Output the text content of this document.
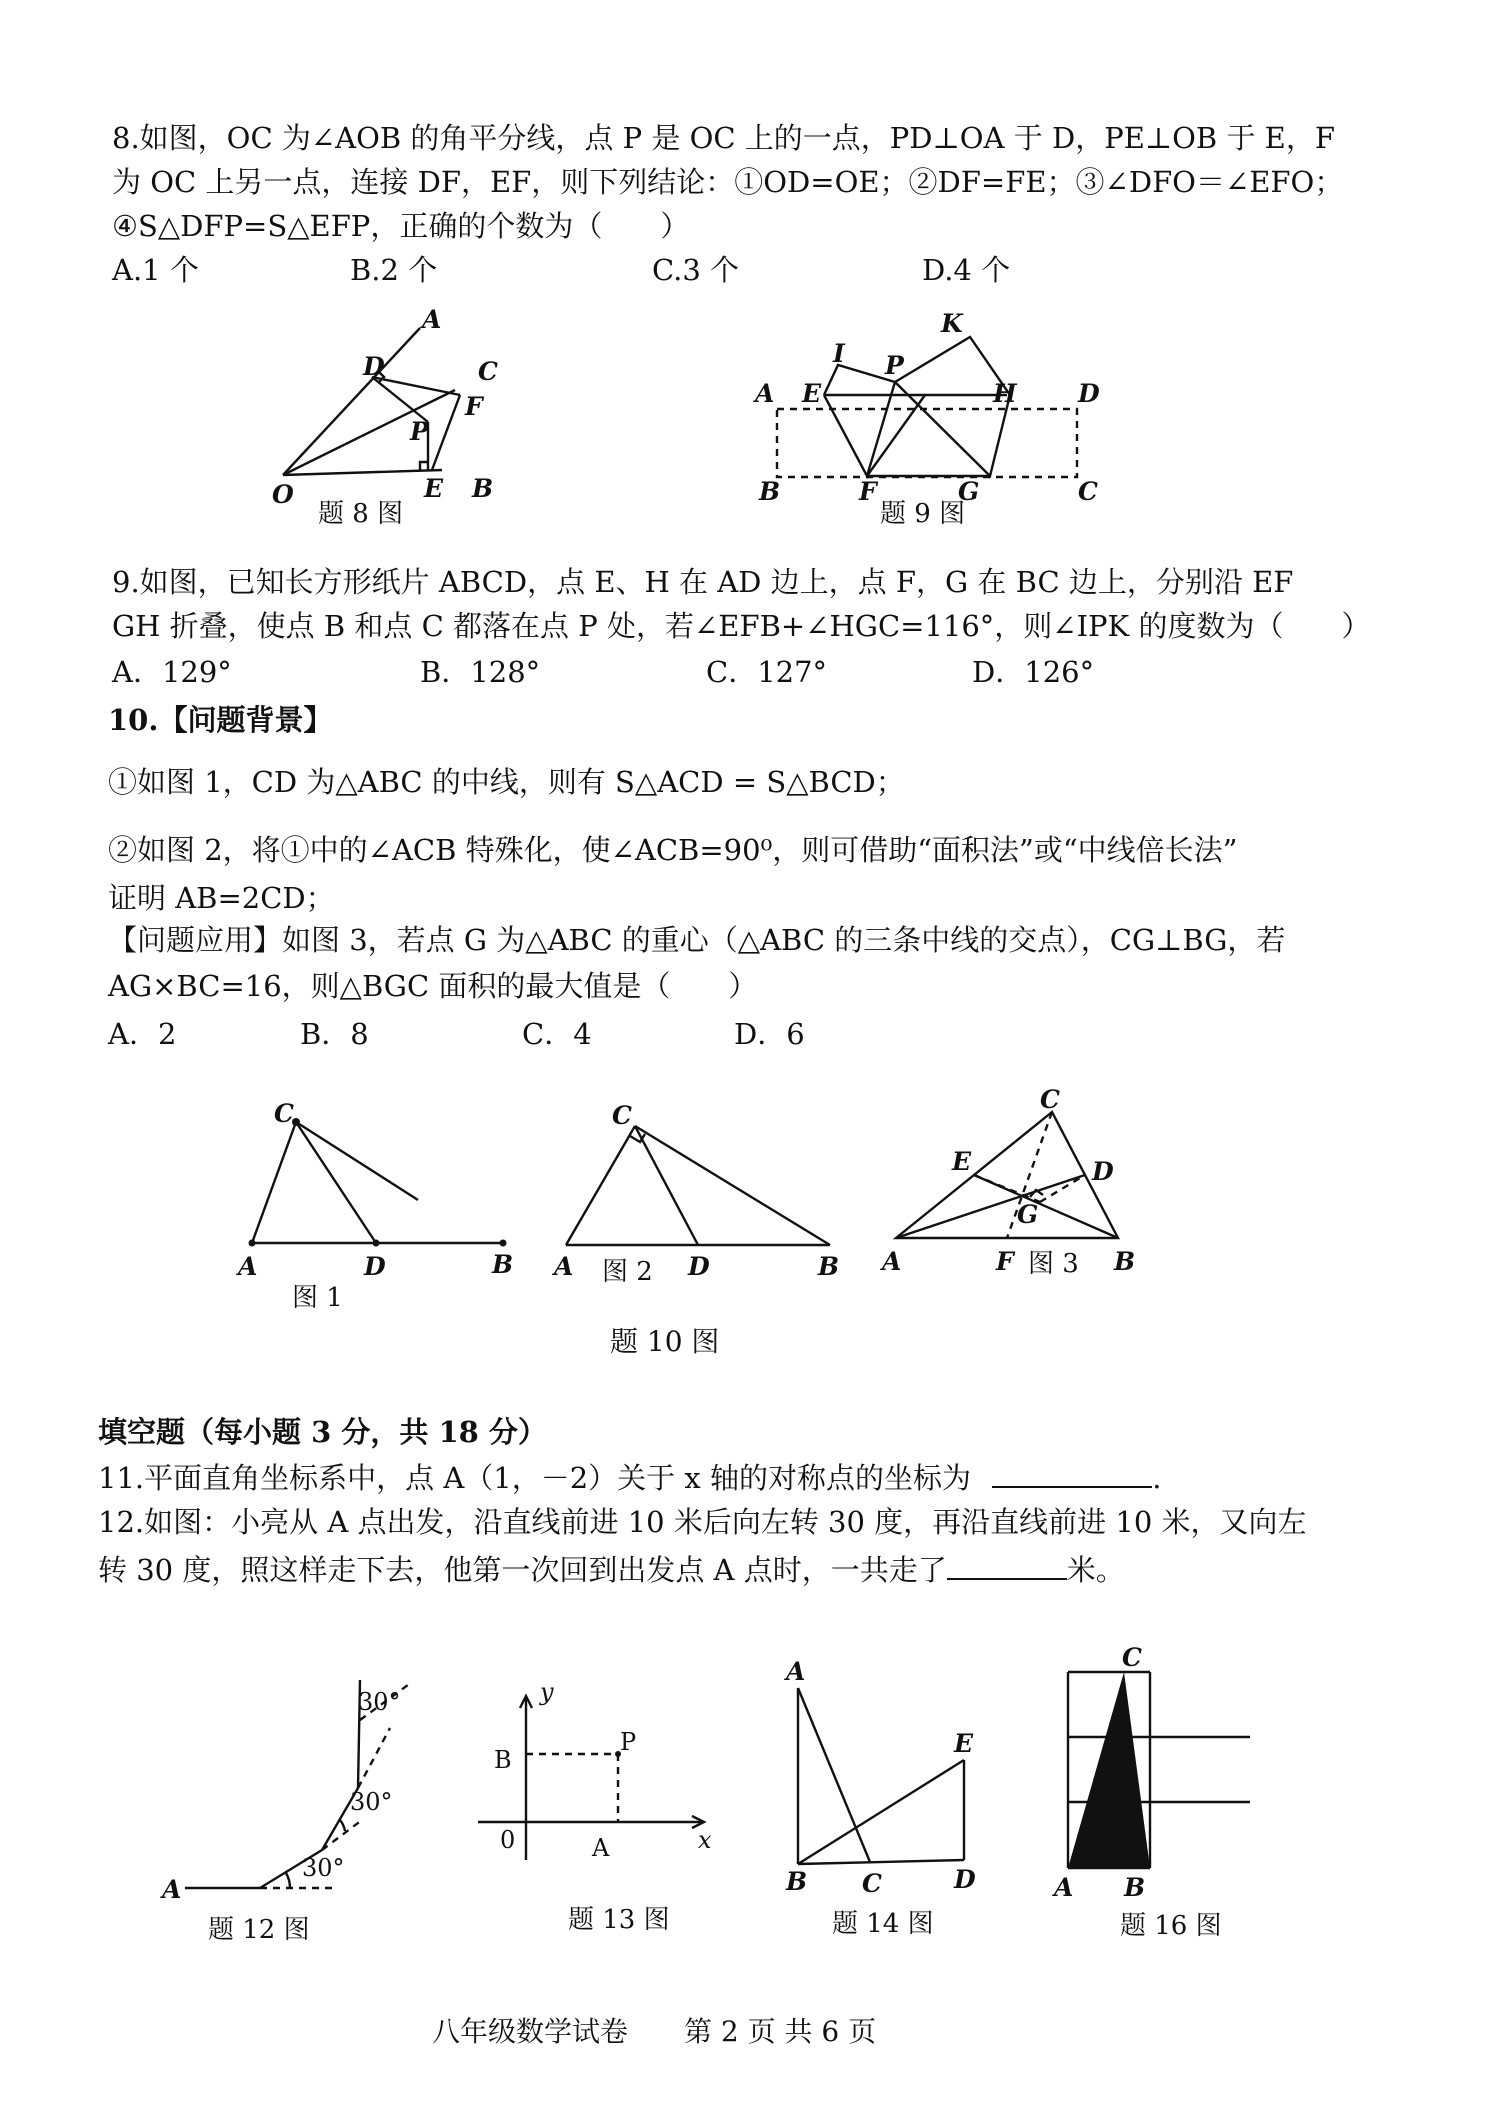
8.如图，OC 为∠AOB 的角平分线，点 P 是 OC 上的一点，PD⊥OA 于 D，PE⊥OB 于 E，F
为 OC 上另一点，连接 DF，EF，则下列结论：①OD=OE；②DF=FE；③∠DFO＝∠EFO；
④S△DFP=S△EFP，正确的个数为（　　）
A.1 个	B.2 个	C.3 个	D.4 个
A
D	C
F
P
O	E B
题 8 图
K
I P
A E	H D
B	F	G	C
题 9 图
9.如图，已知长方形纸片 ABCD，点 E、H 在 AD 边上，点 F，G 在 BC 边上，分别沿 EF
GH 折叠，使点 B 和点 C 都落在点 P 处，若∠EFB+∠HGC=116°，则∠IPK 的度数为（　　）
A．129°	B．128°	C．127°	D．126°
10.【问题背景】
①如图 1，CD 为△ABC 的中线，则有 S△ACD = S△BCD；
②如图 2，将①中的∠ACB 特殊化，使∠ACB=90⁰，则可借助“面积法”或“中线倍长法”
证明 AB=2CD；
【问题应用】如图 3，若点 G 为△ABC 的重心（△ABC 的三条中线的交点），CG⊥BG，若
AG×BC=16，则△BGC 面积的最大值是（　　）
A．2	B．8	C．4	D．6
C
A	D	B
图 1
C
A 图 2 D	B
C
E	D
G
A	F 图 3 B
题 10 图
填空题（每小题 3 分，共 18 分）
11.平面直角坐标系中，点 A（1，－2）关于 x 轴的对称点的坐标为	.
12.如图：小亮从 A 点出发，沿直线前进 10 米后向左转 30 度，再沿直线前进 10 米，又向左
转 30 度，照这样走下去，他第一次回到出发点 A 点时，一共走了	米。
30°
30°
30°
A
题 12 图
y
B
P
0	A	x
题 13 图
A
E
B C	D
题 14 图
C
A B
题 16 图
八年级数学试卷　　第 2 页 共 6 页
